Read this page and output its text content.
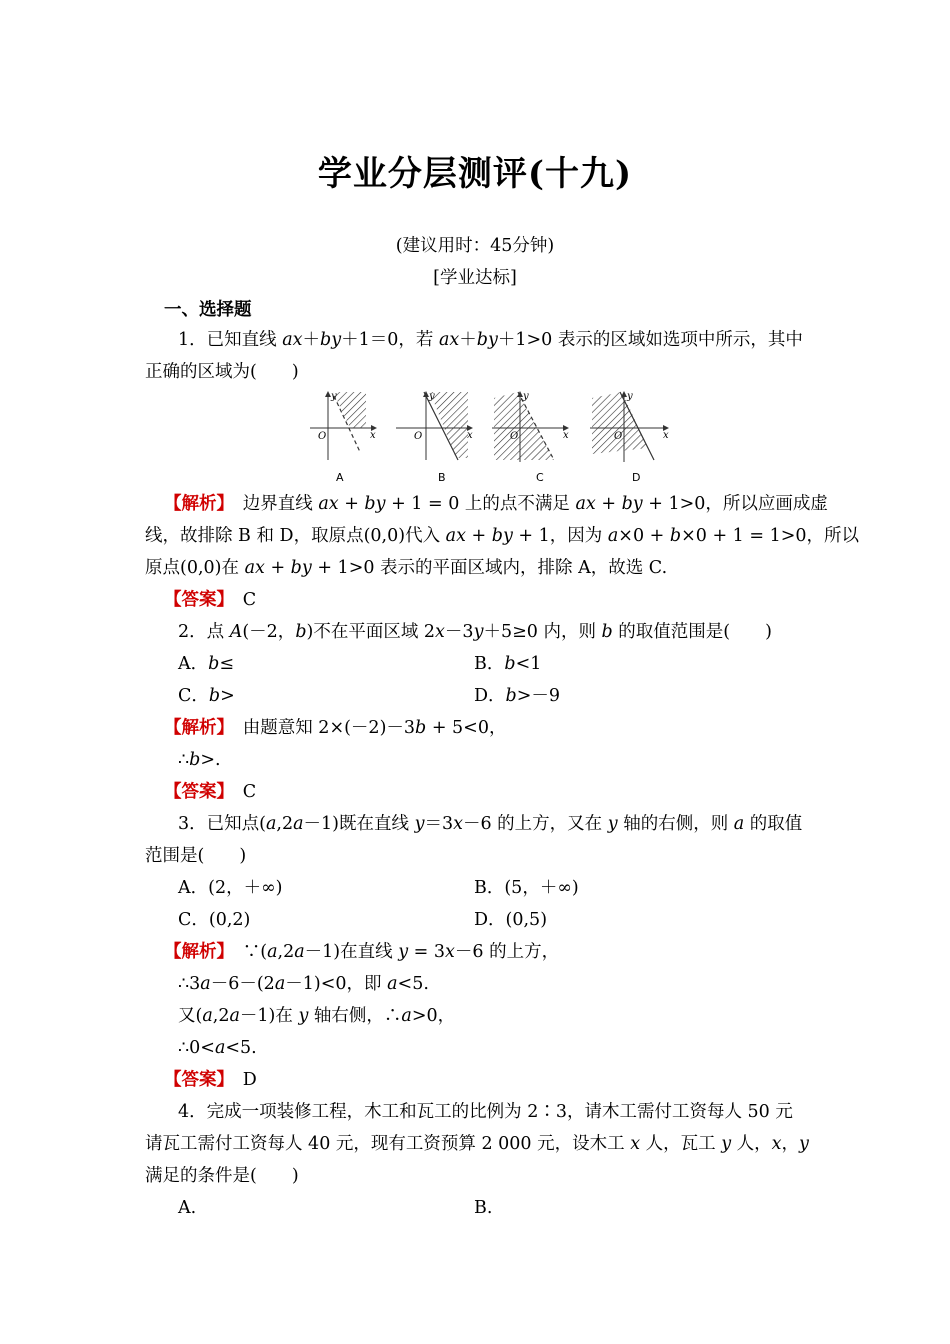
学业分层测评(十九)
(建议用时：45分钟)
[学业达标]
一、选择题
1．已知直线 ax＋by＋1＝0，若 ax＋by＋1>0 表示的区域如选项中所示，其中
正确的区域为(　　)
y
x
O
A
y
x
O
B
y
x
O
C
y
x
O
D
【解析】　 边界直线 ax + by + 1 = 0 上的点不满足 ax + by + 1>0，所以应画成虚
线，故排除 B 和 D，取原点(0,0)代入 ax + by + 1，因为 a×0 + b×0 + 1 = 1>0，所以
原点(0,0)在 ax + by + 1>0 表示的平面区域内，排除 A，故选 C.
【答案】　 C
2．点 A(－2，b)不在平面区域 2x－3y＋5≥0 内，则 b 的取值范围是(　　)
A．b≤	B．b<1
C．b>	D．b>－9
【解析】　 由题意知 2×(－2)－3b + 5<0，
∴b>.
【答案】　 C
3．已知点(a,2a－1)既在直线 y＝3x－6 的上方，又在 y 轴的右侧，则 a 的取值
范围是(　　)
A．(2，＋∞)	B．(5，＋∞)
C．(0,2)	D．(0,5)
【解析】　 ∵(a,2a－1)在直线 y = 3x－6 的上方，
∴3a－6－(2a－1)<0，即 a<5.
又(a,2a－1)在 y 轴右侧，∴a>0，
∴0<a<5.
【答案】　 D
4．完成一项装修工程，木工和瓦工的比例为 2∶3，请木工需付工资每人 50 元
请瓦工需付工资每人 40 元，现有工资预算 2 000 元，设木工 x 人，瓦工 y 人，x，y
满足的条件是(　　)
A.	B.
